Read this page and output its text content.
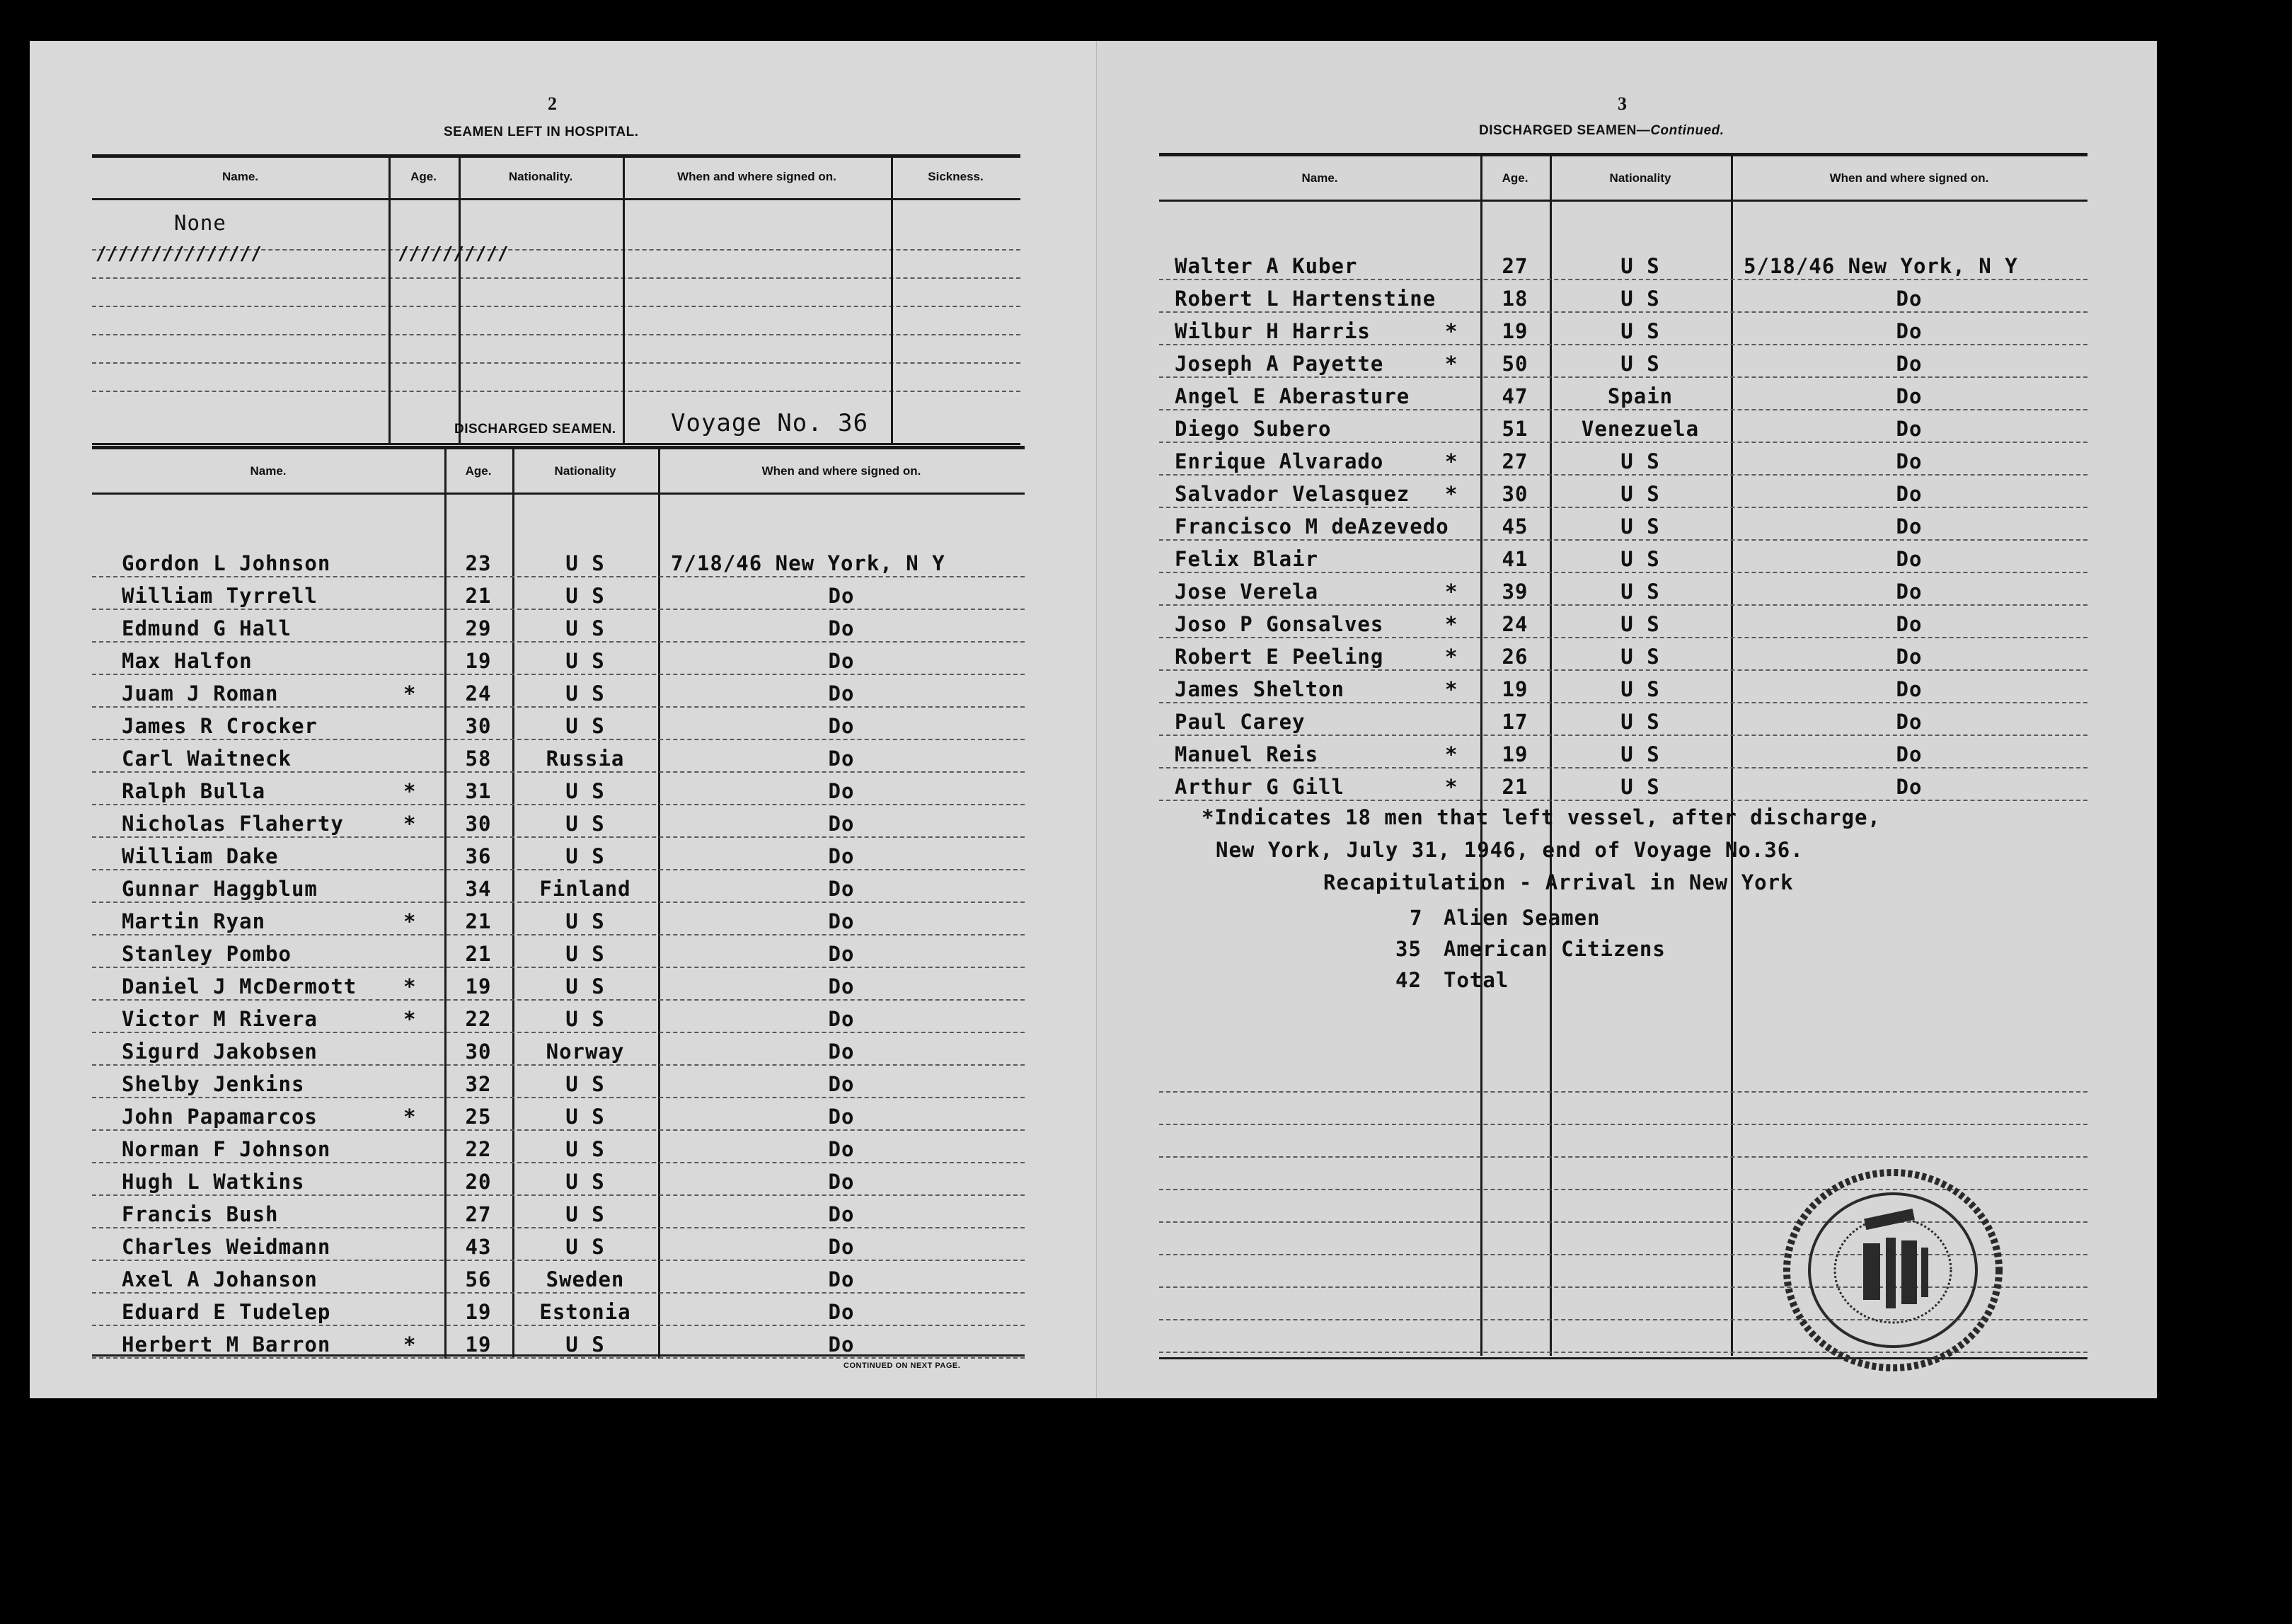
2
SEAMEN LEFT IN HOSPITAL.
Name.	Age.	Nationality.	When and where signed on.	Sickness.
None
///////////////	//////////
DISCHARGED SEAMEN. Voyage No. 36
Name.	Age.	Nationality	When and where signed on.
Gordon L Johnson	23	U S	7/18/46 New York, N Y
William Tyrrell	21	U S	Do
Edmund G Hall	29	U S	Do
Max Halfon	19	U S	Do
Juam J Roman	*	24	U S	Do
James R Crocker	30	U S	Do
Carl Waitneck	58	Russia	Do
Ralph Bulla	*	31	U S	Do
Nicholas Flaherty	*	30	U S	Do
William Dake	36	U S	Do
Gunnar Haggblum	34	Finland	Do
Martin Ryan	*	21	U S	Do
Stanley Pombo	21	U S	Do
Daniel J McDermott *	19	U S	Do
Victor M Rivera	*	22	U S	Do
Sigurd Jakobsen	30	Norway	Do
Shelby Jenkins	32	U S	Do
John Papamarcos	*	25	U S	Do
Norman F Johnson	22	U S	Do
Hugh L Watkins	20	U S	Do
Francis Bush	27	U S	Do
Charles Weidmann	43	U S	Do
Axel A Johanson	56	Sweden	Do
Eduard E Tudelep	19	Estonia	Do
Herbert M Barron	*	19	U S	Do
CONTINUED ON NEXT PAGE.
3
DISCHARGED SEAMEN—Continued.
Name.	Age.	Nationality	When and where signed on.
Walter A Kuber	27	U S	5/18/46 New York, N Y
Robert L Hartenstine	18	U S	Do
Wilbur H Harris	*	19	U S	Do
Joseph A Payette	*	50	U S	Do
Angel E Aberasture	47	Spain	Do
Diego Subero	51	Venezuela	Do
Enrique Alvarado	*	27	U S	Do
Salvador Velasquez *	30	U S	Do
Francisco M deAzevedo	45	U S	Do
Felix Blair	41	U S	Do
Jose Verela	*	39	U S	Do
Joso P Gonsalves	*	24	U S	Do
Robert E Peeling	*	26	U S	Do
James Shelton	*	19	U S	Do
Paul Carey	17	U S	Do
Manuel Reis	*	19	U S	Do
Arthur G Gill	*	21	U S	Do
*Indicates 18 men that left vessel, after discharge,
New York, July 31, 1946, end of Voyage No.36.
Recapitulation - Arrival in New York
7 Alien Seamen
35 American Citizens
42 Total
